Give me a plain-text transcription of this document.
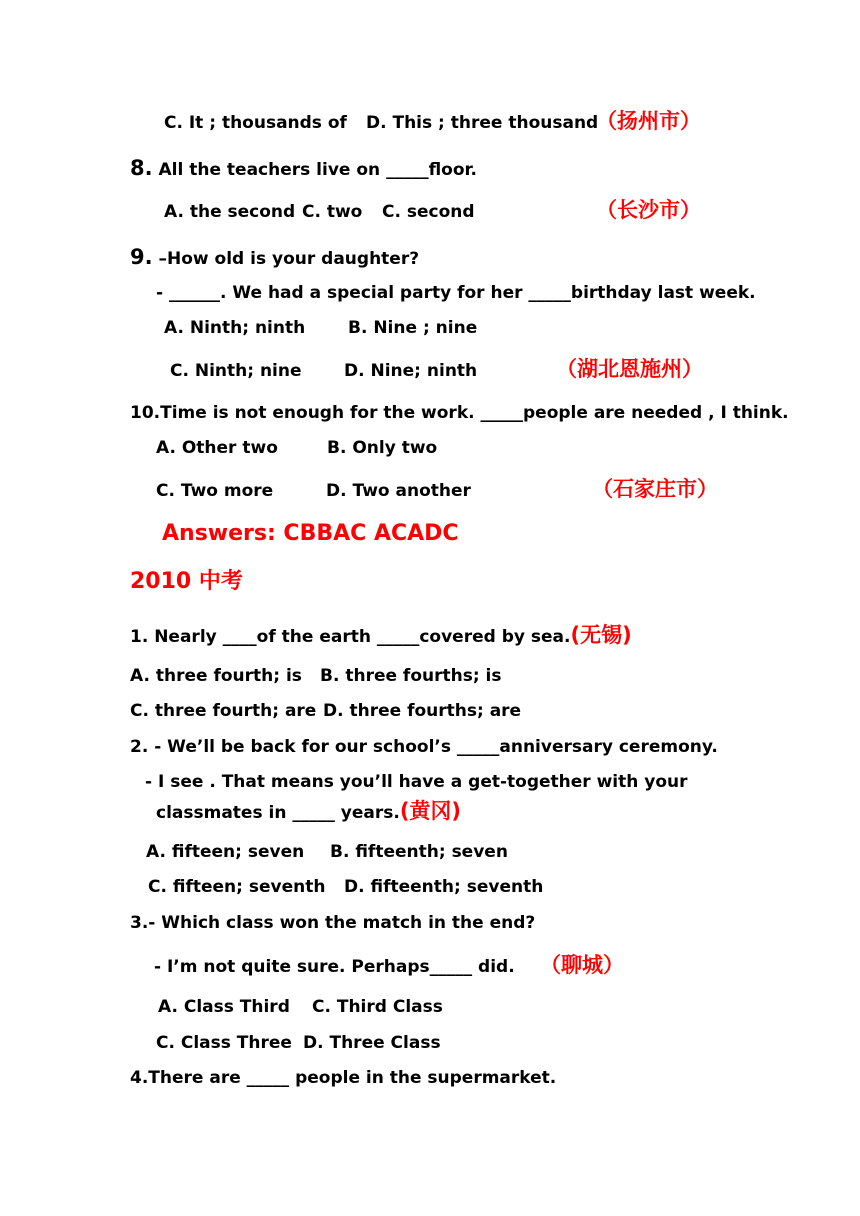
C. It ; thousands of D. This ; three thousand
（扬州市）
8. All the teachers live on _____floor.
A. the second C. two C. second	（长沙市）
9. –How old is your daughter?
- ______. We had a special party for her _____birthday last week.
A. Ninth; ninth	B. Nine ; nine
C. Ninth; nine D. Nine; ninth	（湖北恩施州）
10.Time is not enough for the work. _____people are needed , I think.
A. Other two	B. Only two
C. Two more	D. Two another	（石家庄市）
Answers: CBBAC ACADC
2010 中考
1. Nearly ____of the earth _____covered by sea.(无锡)
A. three fourth; is B. three fourths; is
C. three fourth; are D. three fourths; are
2. - We’ll be back for our school’s _____anniversary ceremony.
- I see . That means you’ll have a get-together with your
classmates in _____ years.(黄冈)
A. fifteen; seven B. fifteenth; seven
C. fifteen; seventh D. fifteenth; seventh
3.- Which class won the match in the end?
- I’m not quite sure. Perhaps_____ did. （聊城）
A. Class Third C. Third Class
C. Class Three D. Three Class
4.There are _____ people in the supermarket.
